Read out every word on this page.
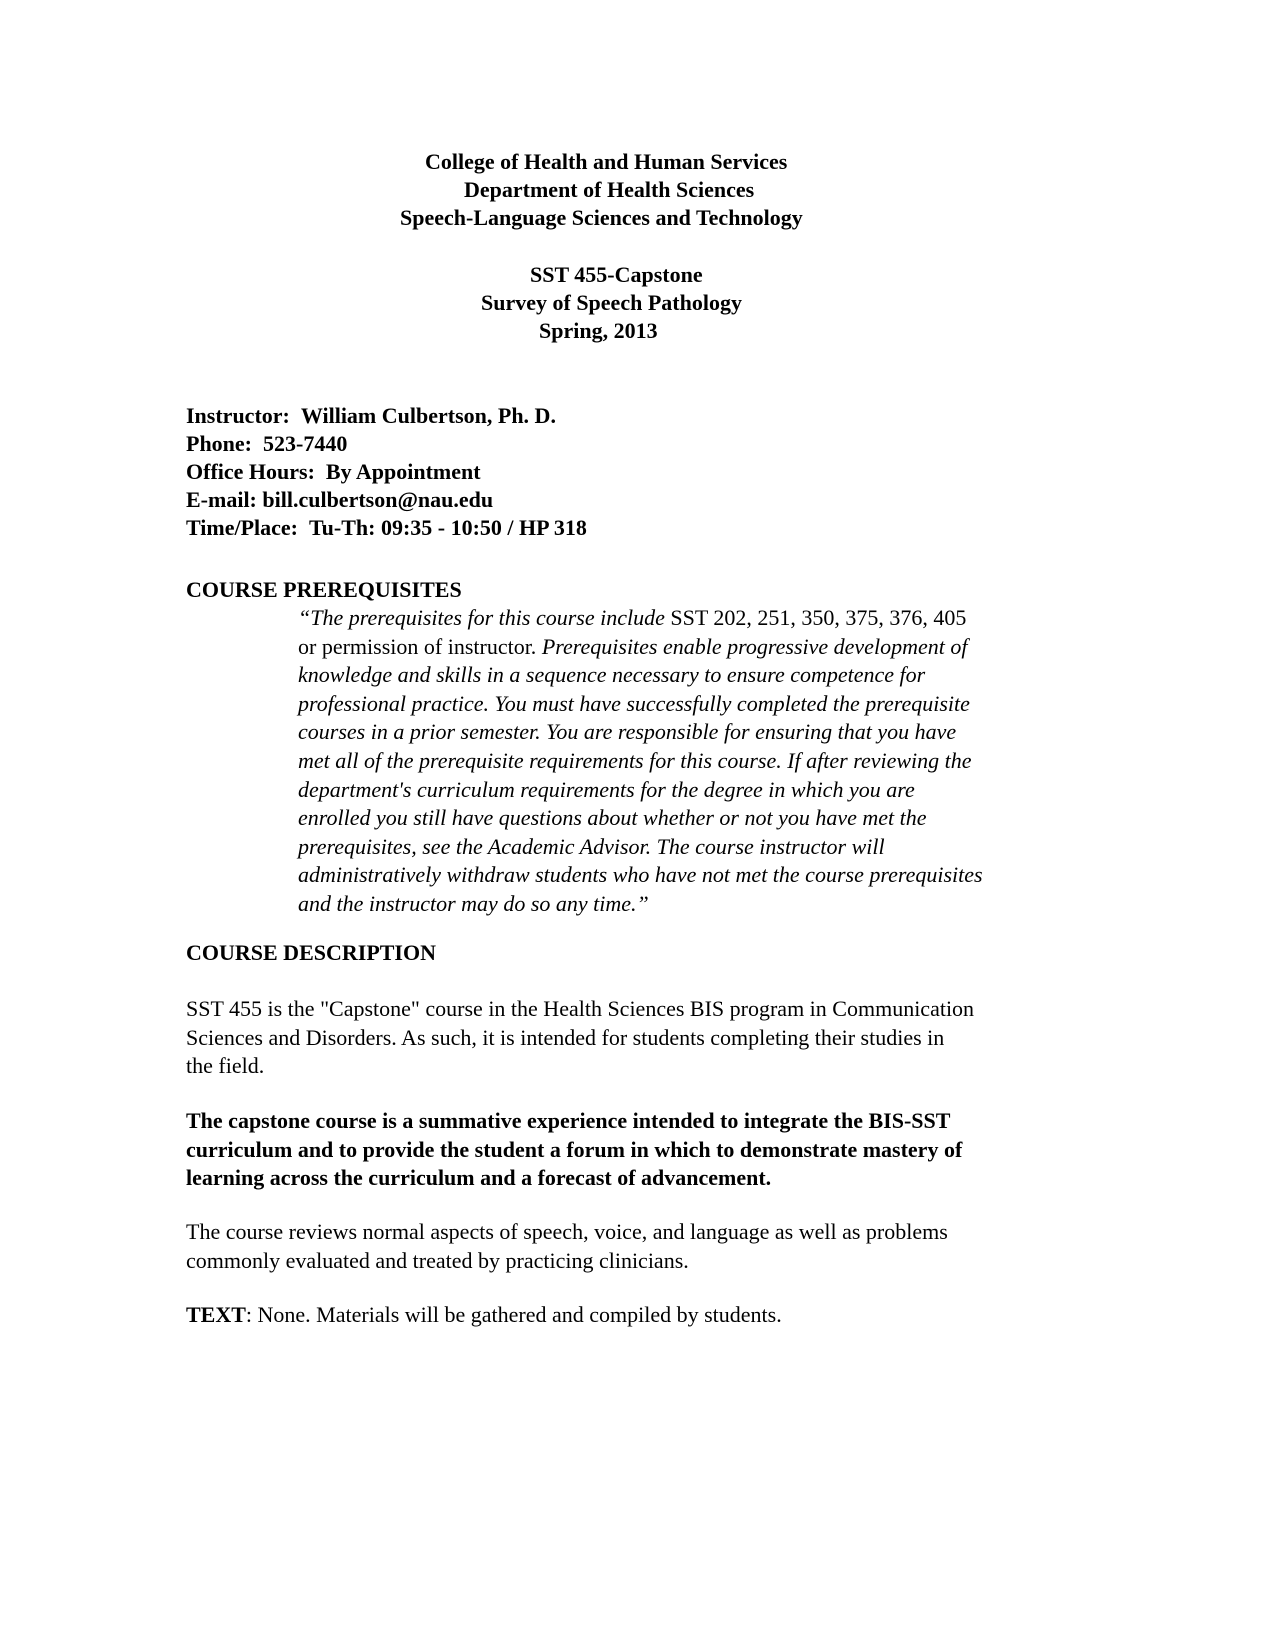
College of Health and Human Services
Department of Health Sciences
Speech-Language Sciences and Technology
SST 455-Capstone
Survey of Speech Pathology
Spring, 2013
Instructor: William Culbertson, Ph. D.
Phone: 523-7440
Office Hours: By Appointment
E-mail: bill.culbertson@nau.edu
Time/Place: Tu-Th: 09:35 - 10:50 / HP 318
COURSE PREREQUISITES
“The prerequisites for this course include SST 202, 251, 350, 375, 376, 405
or permission of instructor. Prerequisites enable progressive development of
knowledge and skills in a sequence necessary to ensure competence for
professional practice. You must have successfully completed the prerequisite
courses in a prior semester. You are responsible for ensuring that you have
met all of the prerequisite requirements for this course. If after reviewing the
department's curriculum requirements for the degree in which you are
enrolled you still have questions about whether or not you have met the
prerequisites, see the Academic Advisor. The course instructor will
administratively withdraw students who have not met the course prerequisites
and the instructor may do so any time.”
COURSE DESCRIPTION
SST 455 is the "Capstone" course in the Health Sciences BIS program in Communication
Sciences and Disorders. As such, it is intended for students completing their studies in
the field.
The capstone course is a summative experience intended to integrate the BIS-SST
curriculum and to provide the student a forum in which to demonstrate mastery of
learning across the curriculum and a forecast of advancement.
The course reviews normal aspects of speech, voice, and language as well as problems
commonly evaluated and treated by practicing clinicians.
TEXT: None. Materials will be gathered and compiled by students.
